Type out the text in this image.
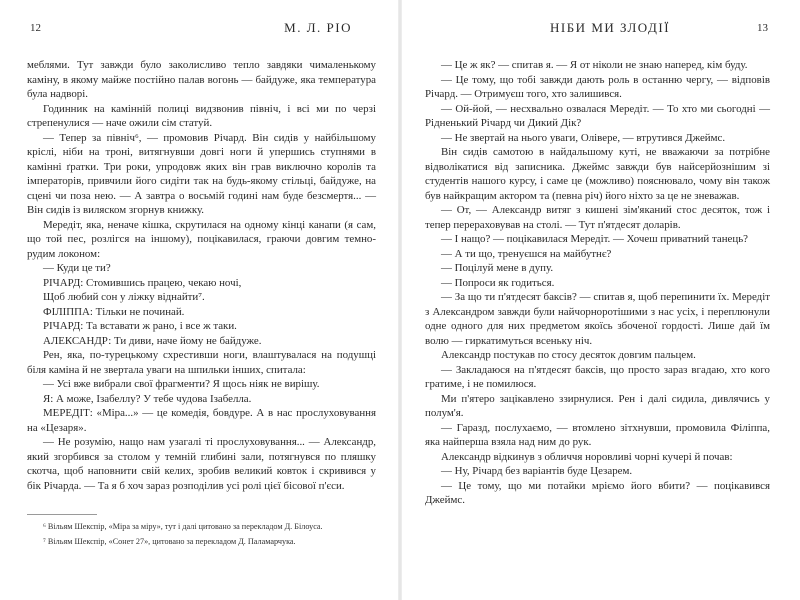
12	М. Л. РІО

меблями. Тут завжди було закoлисливо тепло завдяки чималенькому каміну, в якому майже постійно палав вогонь — байдуже, яка температура була надворі.

Годинник на камінній полиці видзвонив північ, і всі ми по черзі стрепенулися — наче ожили сім статуй.

— Тепер за північ⁶, — промовив Річард. Він сидів у найбільшому кріслі, ніби на троні, витягнувши довгі ноги й упершись ступнями в камінні ґратки. Три роки, упродовж яких він грав виключно королів та імператорів, привчили його сидіти так на будь-якому стільці, байдуже, на сцені чи поза нею. — А завтра о восьмій годині нам буде безсмертя... — Він сидів із виляском згорнув книжку.

Мередіт, яка, неначе кішка, скрутилася на одному кінці канапи (я сам, що той пес, розлігся на іншому), поцікавилася, граючи довгим темно-рудим локоном:

— Куди це ти?

РІЧАРД: Стомившись працею, чекаю ночі,

Щоб любий сон у ліжку віднайти⁷.

ФІЛІППА: Тільки не починай.

РІЧАРД: Та вставати ж рано, і все ж таки.

АЛЕКСАНДР: Ти диви, наче йому не байдуже.

Рен, яка, по-турецькому схрестивши ноги, влаштувалася на подушці біля каміна й не звертала уваги на шпильки інших, спитала:

— Усі вже вибрали свої фрагменти? Я щось ніяк не вирішу.

Я: А може, Ізабеллу? У тебе чудова Ізабелла.

МЕРЕДІТ: «Міра...» — це комедія, бовдуре. А в нас прослуховування на «Цезаря».

— Не розумію, нащо нам узагалі ті прослуховування... — Александр, який згорбився за столом у темній глибині зали, потягнувся по пляшку скотча, щоб наповнити свій келих, зробив великий ковток і скривився у бік Річарда. — Та я б хоч зараз розподілив усі ролі цієї бісової п'єси.

⁶ Вільям Шекспір, «Міра за міру», тут і далі цитовано за перекладом Д. Білоуса.

⁷ Вільям Шекспір, «Сонет 27», цитовано за перекладом Д. Паламарчука.

НІБИ МИ ЗЛОДІЇ	13

— Це ж як? — спитав я. — Я от ніколи не знаю наперед, кім буду.

— Це тому, що тобі завжди дають роль в останню чергу, — відповів Річард. — Отримуєш того, хто залишився.

— Ой-йой, — несхвально озвалася Мередіт. — То хто ми сьогодні — Рідненький Річард чи Дикий Дік?

— Не звертай на нього уваги, Олівере, — втрутився Джеймс.

Він сидів самотою в найдальшому куті, не вважаючи за потрібне відволікатися від записника. Джеймс завжди був найсерйознішим зі студентів нашого курсу, і саме це (можливо) пояснювало, чому він також був найкращим актором та (певна річ) його ніхто за це не зневажав.

— От, — Александр витяг з кишені зім'яканий стос десяток, тож і тепер перераховував на столі. — Тут п'ятдесят доларів.

— І нащо? — поцікавилася Мередіт. — Хочеш приватний танець?

— А ти що, тренуєшся на майбутнє?

— Поцілуй мене в дупу.

— Попроси як годиться.

— За що ти п'ятдесят баксів? — спитав я, щоб перепинити їх. Мередіт з Александром завжди були найчорноротішими з нас усіх, і переплюнули одне одного для них предметом якоїсь збоченої гордості. Лише дай їм волю — гиркатимуться всенькy ніч.

Александр постукав по стосу десяток довгим пальцем.

— Закладаюся на п'ятдесят баксів, що просто зараз вгадаю, хто кого гратиме, і не помилюся.

Ми п'ятеро зацікавлено ззирнулися. Рен і далі сидила, дивлячись у полум'я.

— Гаразд, послухаємо, — втомлено зітхнувши, промовила Філіппа, яка найперша взяла над ним до рук.

Александр відкинув з обличчя норовливі чорні кучері й почав:

— Ну, Річард без варіантів буде Цезарем.

— Це тому, що ми потайки мріємо його вбити? — поцікавився Джеймс.
